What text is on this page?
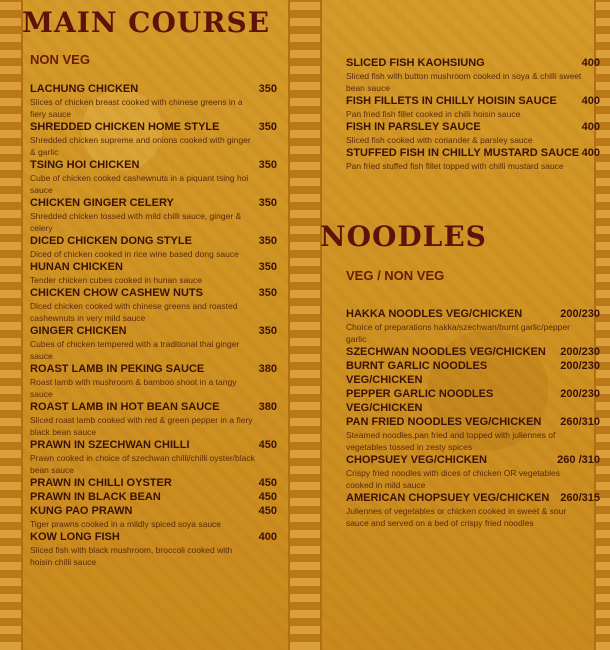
MAIN COURSE
NON VEG
LACHUNG CHICKEN	350
Slices of chicken breast cooked with chinese greens in a fiery sauce
SHREDDED CHICKEN HOME STYLE	350
Shredded chicken supreme and onions cooked with ginger & garlic
TSING HOI CHICKEN	350
Cube of chicken cooked cashewnuts in a piquant tsing hoi sauce
CHICKEN GINGER CELERY	350
Shredded chicken tossed with mild chilli sauce, ginger & celery
DICED CHICKEN DONG STYLE	350
Diced of chicken cooked in rice wine based dong sauce
HUNAN CHICKEN	350
Tender chicken cubes cooked in hunan sauce
CHICKEN CHOW CASHEW NUTS	350
Diced chicken cooked with chinese greens and roasted cashewnuts in very mild sauce
GINGER CHICKEN	350
Cubes of chicken tempered with a traditional thai ginger sauce
ROAST LAMB IN PEKING SAUCE	380
Roast lamb with mushroom & bamboo shoot in a tangy sauce
ROAST LAMB IN HOT BEAN SAUCE	380
Sliced roast lamb cooked with red & green pepper in a fiery black bean sauce
PRAWN IN SZECHWAN CHILLI	450
Prawn cooked in choice of szechwan chilli/chilli oyster/black bean sauce
PRAWN IN CHILLI OYSTER	450
PRAWN IN BLACK BEAN	450
KUNG PAO PRAWN	450
Tiger prawns cooked in a mildly spiced soya sauce
KOW LONG FISH	400
Sliced fish with black mushroom, broccoli cooked with hoisin chilli sauce
SLICED FISH KAOHSIUNG	400
Sliced fish with button mushroom cooked in soya & chilli sweet bean sauce
FISH FILLETS IN CHILLY HOISIN SAUCE 400
Pan fried fish fillet cooked in chilli hoisin sauce
FISH IN PARSLEY SAUCE	400
Sliced fish cooked with coriander & parsley sauce
STUFFED FISH IN CHILLY MUSTARD SAUCE 400
Pan fried stuffed fish fillet topped with chilli mustard sauce
NOODLES
VEG / NON VEG
HAKKA NOODLES VEG/CHICKEN	200/230
Choice of preparations hakka/szechwan/burnt garlic/pepper garlic
SZECHWAN NOODLES VEG/CHICKEN 200/230
BURNT GARLIC NOODLES VEG/CHICKEN
200/230
PEPPER GARLIC NOODLES VEG/CHICKEN
200/230
PAN FRIED NOODLES VEG/CHICKEN 260/310
Steamed noodles,pan fried and topped with juliennes of vegetables tossed in zesty spices
CHOPSUEY VEG/CHICKEN	260 /310
Crispy fried noodles with dices of chicken OR vegetables cooked in mild sauce
AMERICAN CHOPSUEY VEG/CHICKEN 260/315
Juliennes of vegetables or chicken cooked in sweet & sour sauce and served on a bed of crispy fried noodles
